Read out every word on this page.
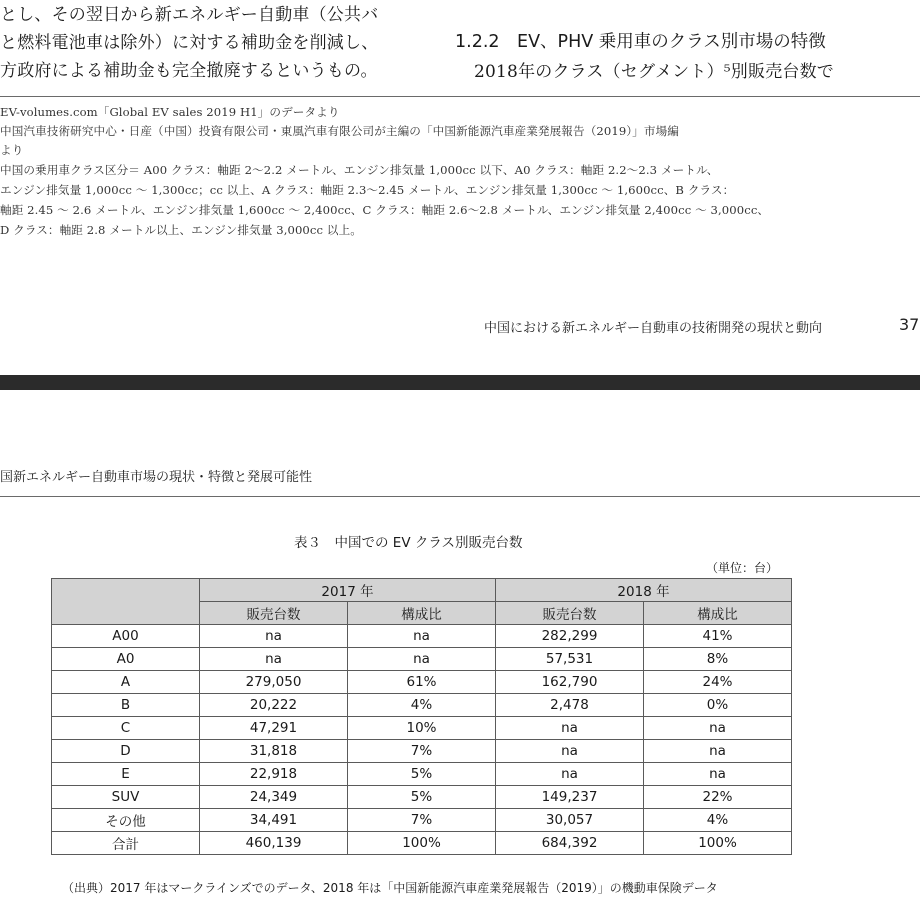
とし、その翌日から新エネルギー自動車（公共バ
と燃料電池車は除外）に対する補助金を削減し、
方政府による補助金も完全撤廃するというもの。
1.2.2　EV、PHV 乗用車のクラス別市場の特徴
2018年のクラス（セグメント）⁵別販売台数で
EV-volumes.com「Global EV sales 2019 H1」のデータより
中国汽車技術研究中心・日産（中国）投資有限公司・東風汽車有限公司が主編の「中国新能源汽車産業発展報告（2019）」市場編
より
中国の乗用車クラス区分＝ A00 クラス：軸距 2～2.2 メートル、エンジン排気量 1,000cc 以下、A0 クラス：軸距 2.2～2.3 メートル、
エンジン排気量 1,000cc ～ 1,300cc；cc 以上、A クラス：軸距 2.3～2.45 メートル、エンジン排気量 1,300cc ～ 1,600cc、B クラス：
軸距 2.45 ～ 2.6 メートル、エンジン排気量 1,600cc ～ 2,400cc、C クラス：軸距 2.6～2.8 メートル、エンジン排気量 2,400cc ～ 3,000cc、
D クラス：軸距 2.8 メートル以上、エンジン排気量 3,000cc 以上。
中国における新エネルギー自動車の技術開発の現状と動向	37
国新エネルギー自動車市場の現状・特徴と発展可能性
表３　中国での EV クラス別販売台数
（単位：台）
	2017 年		2018 年	
	販売台数	構成比	販売台数	構成比
A00	na	na	282,299	41%
A0	na	na	57,531	8%
A	279,050	61%	162,790	24%
B	20,222	4%	2,478	0%
C	47,291	10%	na	na
D	31,818	7%	na	na
E	22,918	5%	na	na
SUV	24,349	5%	149,237	22%
その他	34,491	7%	30,057	4%
合計	460,139	100%	684,392	100%
（出典）2017 年はマークラインズでのデータ、2018 年は「中国新能源汽車産業発展報告（2019）」の機動車保険データ
